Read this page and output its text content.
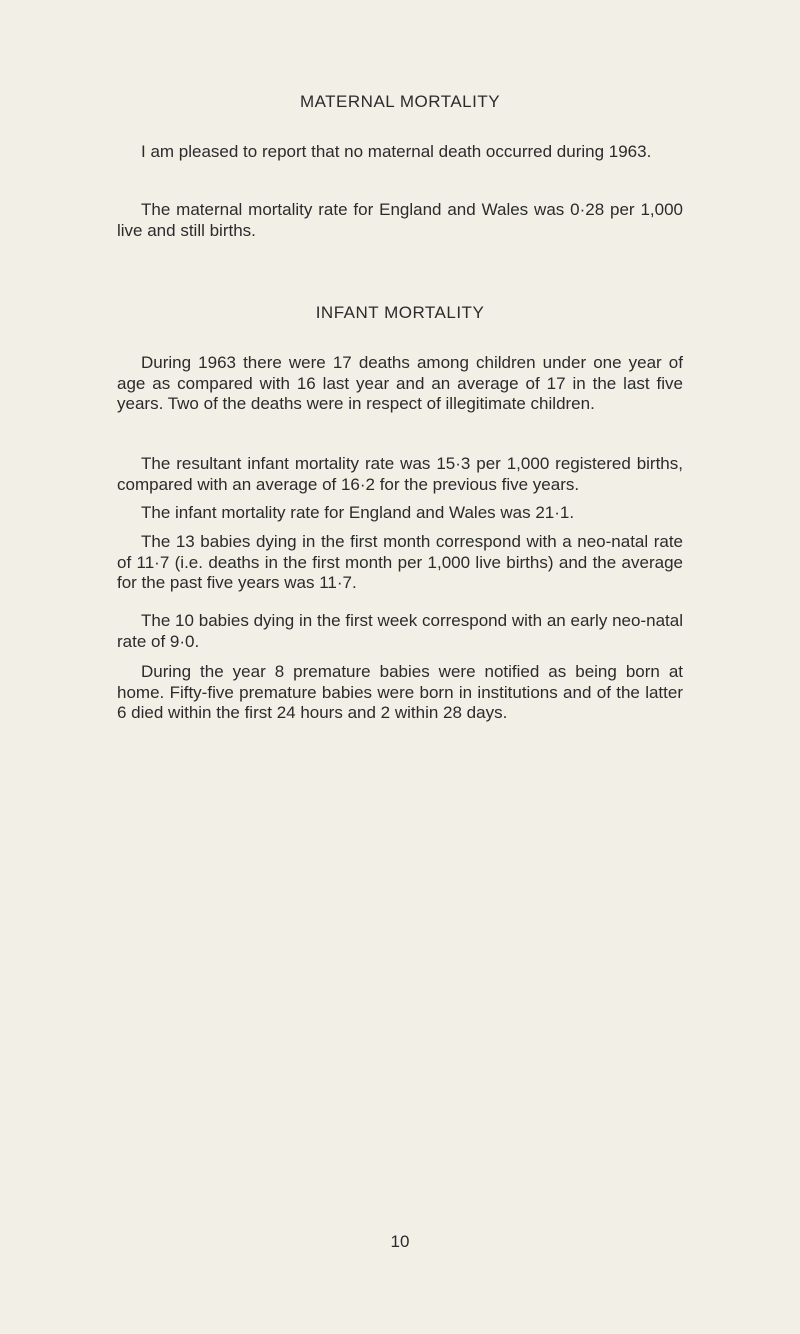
MATERNAL MORTALITY

I am pleased to report that no maternal death occurred during 1963.

The maternal mortality rate for England and Wales was 0·28 per 1,000 live and still births.

INFANT MORTALITY

During 1963 there were 17 deaths among children under one year of age as compared with 16 last year and an average of 17 in the last five years. Two of the deaths were in respect of illegitimate children.

The resultant infant mortality rate was 15·3 per 1,000 registered births, compared with an average of 16·2 for the previous five years.

The infant mortality rate for England and Wales was 21·1.

The 13 babies dying in the first month correspond with a neo-natal rate of 11·7 (i.e. deaths in the first month per 1,000 live births) and the average for the past five years was 11·7.

The 10 babies dying in the first week correspond with an early neo-natal rate of 9·0.

During the year 8 premature babies were notified as being born at home. Fifty-five premature babies were born in institutions and of the latter 6 died within the first 24 hours and 2 within 28 days.

10
